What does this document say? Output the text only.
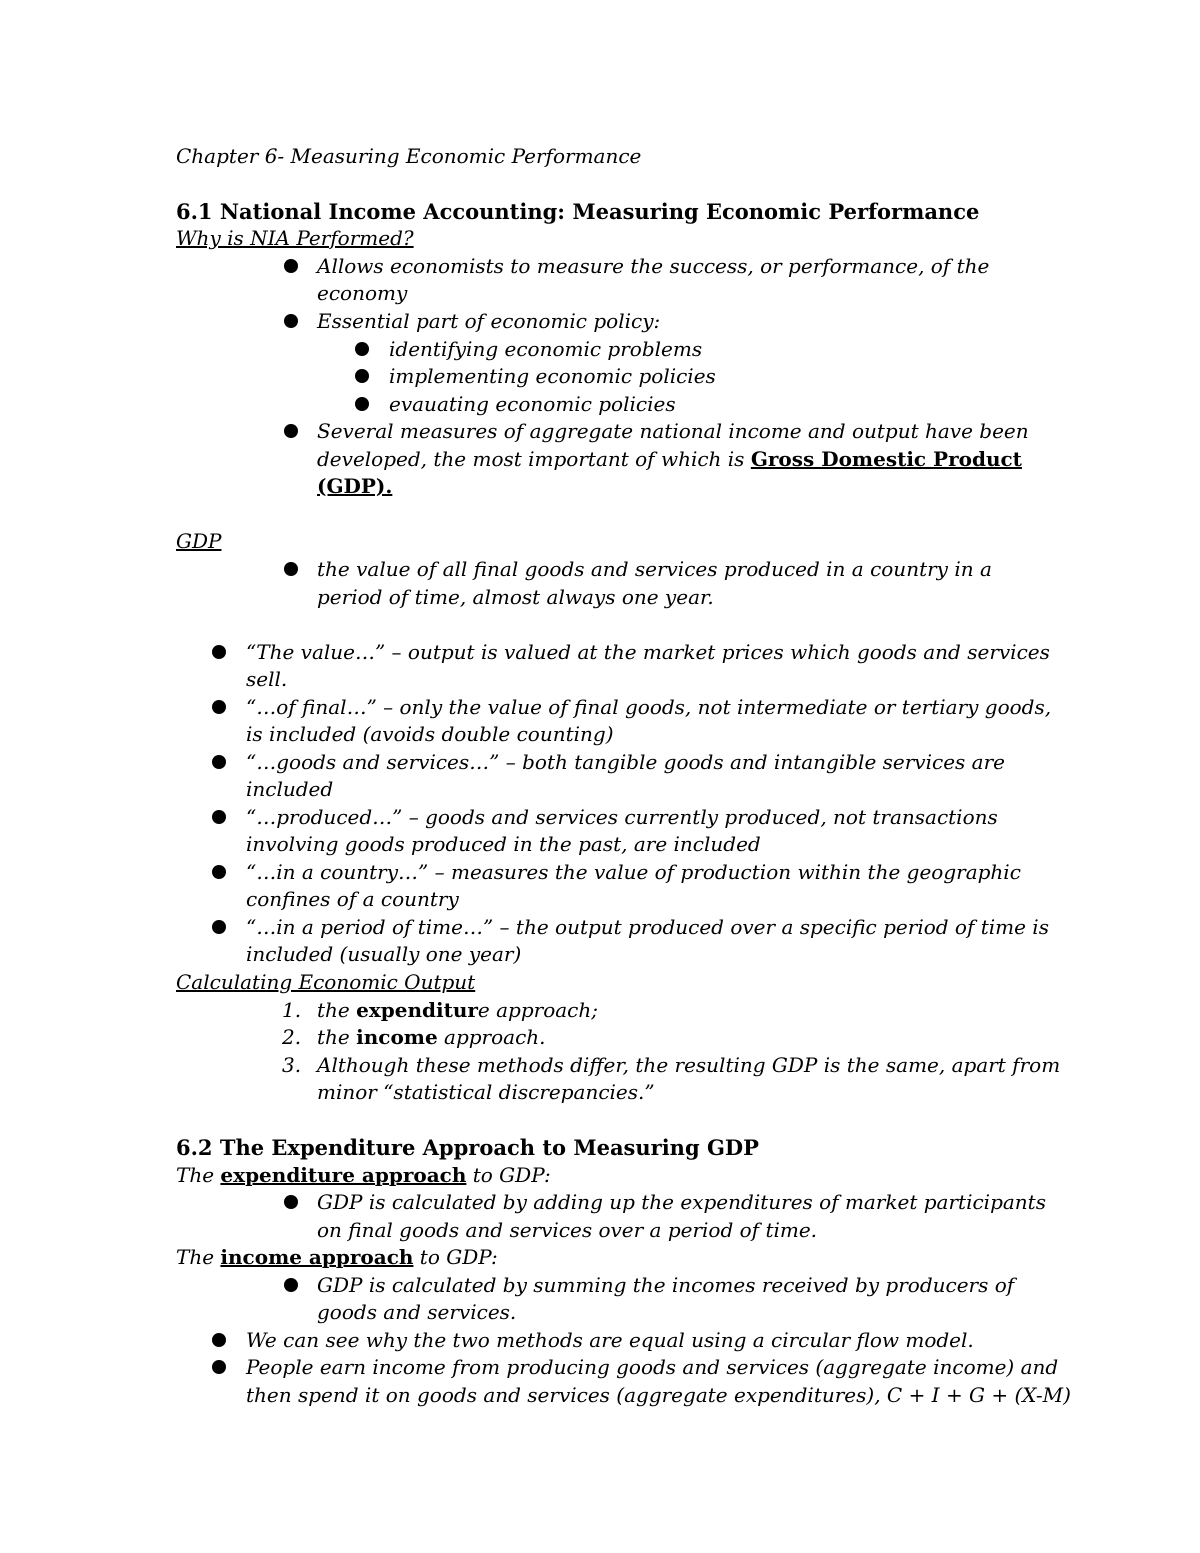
Chapter 6- Measuring Economic Performance
6.1 National Income Accounting: Measuring Economic Performance
Why is NIA Performed?
Allows economists to measure the success, or performance, of the
economy
Essential part of economic policy:
identifying economic problems
implementing economic policies
evauating economic policies
Several measures of aggregate national income and output have been
developed, the most important of which is Gross Domestic Product
(GDP).
GDP
the value of all final goods and services produced in a country in a
period of time, almost always one year.
“The value…” – output is valued at the market prices which goods and services
sell.
“…of final…” – only the value of final goods, not intermediate or tertiary goods,
is included (avoids double counting)
“…goods and services…” – both tangible goods and intangible services are
included
“…produced…” – goods and services currently produced, not transactions
involving goods produced in the past, are included
“…in a country…” – measures the value of production within the geographic
confines of a country
“…in a period of time…” – the output produced over a specific period of time is
included (usually one year)
Calculating Economic Output
1. the expenditure approach;
2. the income approach.
3. Although these methods differ, the resulting GDP is the same, apart from
minor “statistical discrepancies.”
6.2 The Expenditure Approach to Measuring GDP
The expenditure approach to GDP:
GDP is calculated by adding up the expenditures of market participants
on final goods and services over a period of time.
The income approach to GDP:
GDP is calculated by summing the incomes received by producers of
goods and services.
We can see why the two methods are equal using a circular flow model.
People earn income from producing goods and services (aggregate income) and
then spend it on goods and services (aggregate expenditures), C + I + G + (X-M)
